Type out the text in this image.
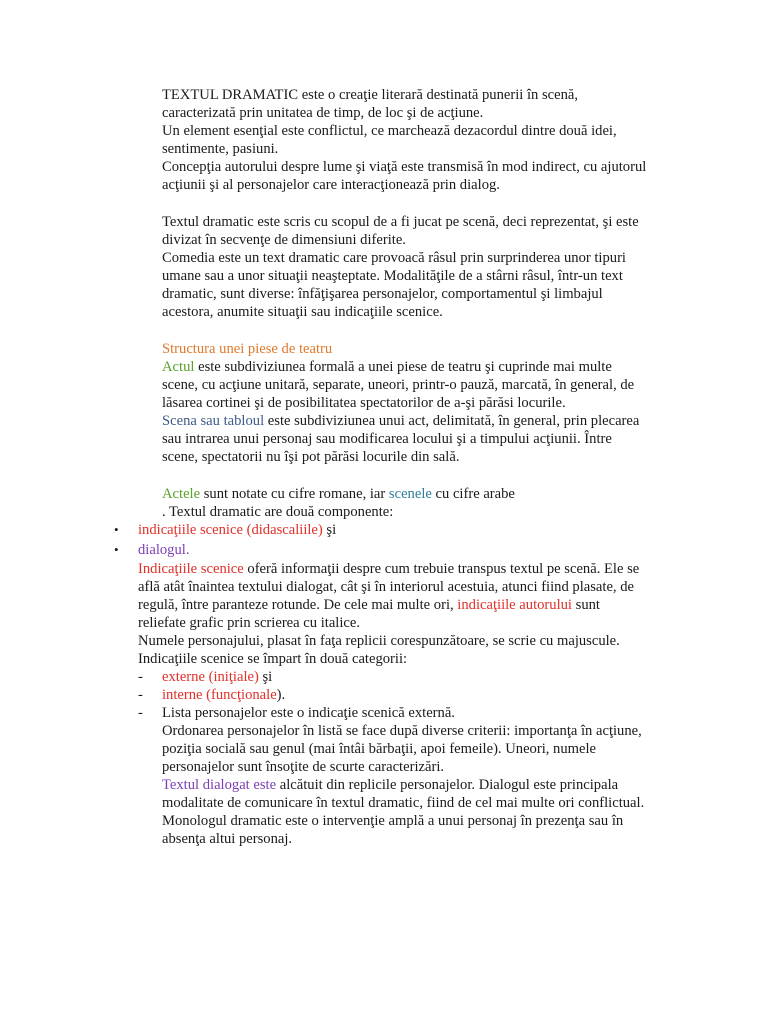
TEXTUL DRAMATIC este o creaţie literară destinată punerii în scenă,
caracterizată prin unitatea de timp, de loc şi de acţiune.
Un element esenţial este conflictul, ce marchează dezacordul dintre două idei,
sentimente, pasiuni.
Concepţia autorului despre lume şi viaţă este transmisă în mod indirect, cu ajutorul
acţiunii şi al personajelor care interacţionează prin dialog.
Textul dramatic este scris cu scopul de a fi jucat pe scenă, deci reprezentat, şi este
divizat în secvenţe de dimensiuni diferite.
Comedia este un text dramatic care provoacă râsul prin surprinderea unor tipuri
umane sau a unor situaţii neaşteptate. Modalităţile de a stârni râsul, într-un text
dramatic, sunt diverse: înfăţişarea personajelor, comportamentul şi limbajul
acestora, anumite situaţii sau indicaţiile scenice.
Structura unei piese de teatru
Actul este subdiviziunea formală a unei piese de teatru şi cuprinde mai multe
scene, cu acţiune unitară, separate, uneori, printr-o pauză, marcată, în general, de
lăsarea cortinei şi de posibilitatea spectatorilor de a-şi părăsi locurile.
Scena sau tabloul este subdiviziunea unui act, delimitată, în general, prin plecarea
sau intrarea unui personaj sau modificarea locului şi a timpului acţiunii. Între
scene, spectatorii nu îşi pot părăsi locurile din sală.
Actele sunt notate cu cifre romane, iar scenele cu cifre arabe
. Textul dramatic are două componente:
• indicaţiile scenice (didascaliile) şi
• dialogul.
Indicaţiile scenice oferă informaţii despre cum trebuie transpus textul pe scenă. Ele se
află atât înaintea textului dialogat, cât şi în interiorul acestuia, atunci fiind plasate, de
regulă, între paranteze rotunde. De cele mai multe ori, indicaţiile autorului sunt
reliefate grafic prin scrierea cu italice.
Numele personajului, plasat în faţa replicii corespunzătoare, se scrie cu majuscule.
Indicaţiile scenice se împart în două categorii:
- externe (iniţiale) şi
- interne (funcţionale).
- Lista personajelor este o indicaţie scenică externă.
Ordonarea personajelor în listă se face după diverse criterii: importanţa în acţiune,
poziţia socială sau genul (mai întâi bărbaţii, apoi femeile). Uneori, numele
personajelor sunt însoţite de scurte caracterizări.
Textul dialogat este alcătuit din replicile personajelor. Dialogul este principala
modalitate de comunicare în textul dramatic, fiind de cel mai multe ori conflictual.
Monologul dramatic este o intervenţie amplă a unui personaj în prezenţa sau în
absenţa altui personaj.
